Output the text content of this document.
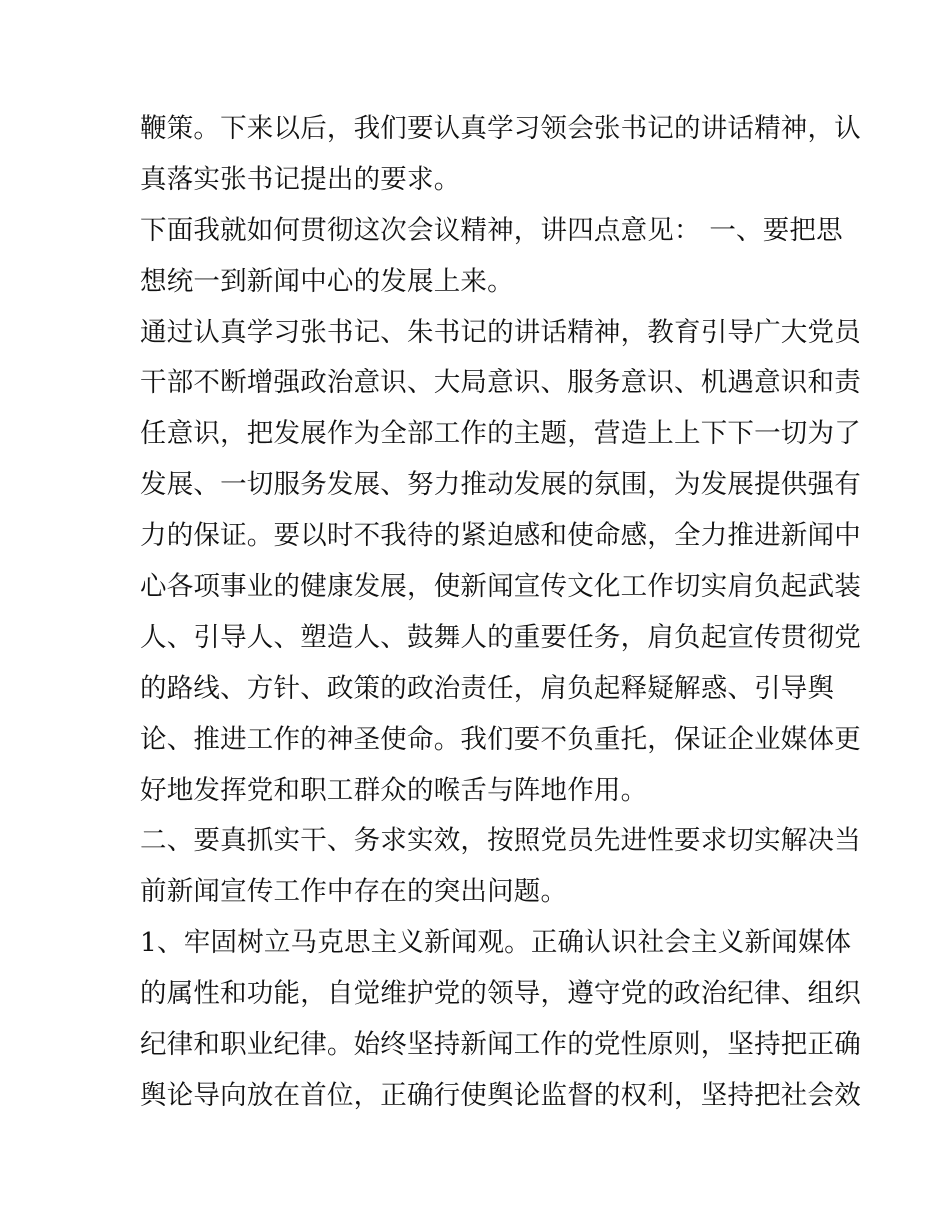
鞭策。下来以后，我们要认真学习领会张书记的讲话精神，认
真落实张书记提出的要求。
下面我就如何贯彻这次会议精神，讲四点意见： 一、要把思
想统一到新闻中心的发展上来。
通过认真学习张书记、朱书记的讲话精神，教育引导广大党员
干部不断增强政治意识、大局意识、服务意识、机遇意识和责
任意识，把发展作为全部工作的主题，营造上上下下一切为了
发展、一切服务发展、努力推动发展的氛围，为发展提供强有
力的保证。要以时不我待的紧迫感和使命感，全力推进新闻中
心各项事业的健康发展，使新闻宣传文化工作切实肩负起武装
人、引导人、塑造人、鼓舞人的重要任务，肩负起宣传贯彻党
的路线、方针、政策的政治责任，肩负起释疑解惑、引导舆
论、推进工作的神圣使命。我们要不负重托，保证企业媒体更
好地发挥党和职工群众的喉舌与阵地作用。
二、要真抓实干、务求实效，按照党员先进性要求切实解决当
前新闻宣传工作中存在的突出问题。
1、牢固树立马克思主义新闻观。正确认识社会主义新闻媒体
的属性和功能，自觉维护党的领导，遵守党的政治纪律、组织
纪律和职业纪律。始终坚持新闻工作的党性原则，坚持把正确
舆论导向放在首位，正确行使舆论监督的权利，坚持把社会效
